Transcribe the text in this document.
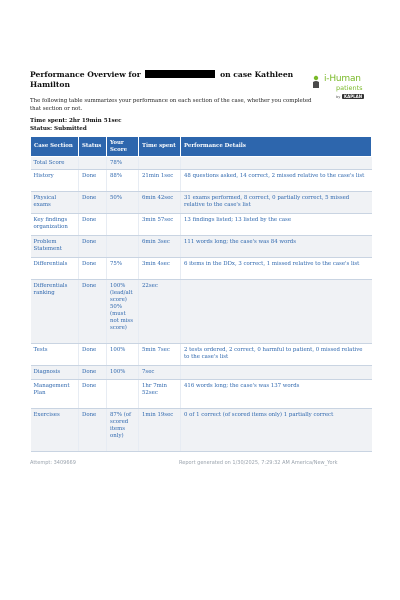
Performance Overview for	on case Kathleen Hamilton
i-Human
patients
by KAPLAN
The following table summarizes your performance on each section of the case, whether you completed that section or not.
Time spent: 2hr 19min 51sec
Status: Submitted
Case Section	Status	Your Score	Time spent	Performance Details
Total Score		78%		
History	Done	88%	21min 1sec	48 questions asked, 14 correct, 2 missed relative to the case's list
Physical exams	Done	50%	6min 42sec	31 exams performed, 8 correct, 0 partially correct, 5 missed relative to the case's list
Key findings organization	Done		3min 57sec	13 findings listed; 13 listed by the case
Problem Statement	Done		6min 3sec	111 words long; the case's was 84 words
Differentials	Done	75%	3min 4sec	6 items in the DDx, 3 correct, 1 missed relative to the case's list
Differentials ranking	Done	100% (lead/alt score) 50% (must not miss score)	22sec	
Tests	Done	100%	5min 7sec	2 tests ordered, 2 correct, 0 harmful to patient, 0 missed relative to the case's list
Diagnosis	Done	100%	7sec	
Management Plan	Done		1hr 7min 52sec	416 words long; the case's was 137 words
Exercises	Done	87% (of scored items only)	1min 19sec	0 of 1 correct (of scored items only) 1 partially correct
Attempt: 3409669	Report generated on 1/30/2025, 7:29:32 AM America/New_York
